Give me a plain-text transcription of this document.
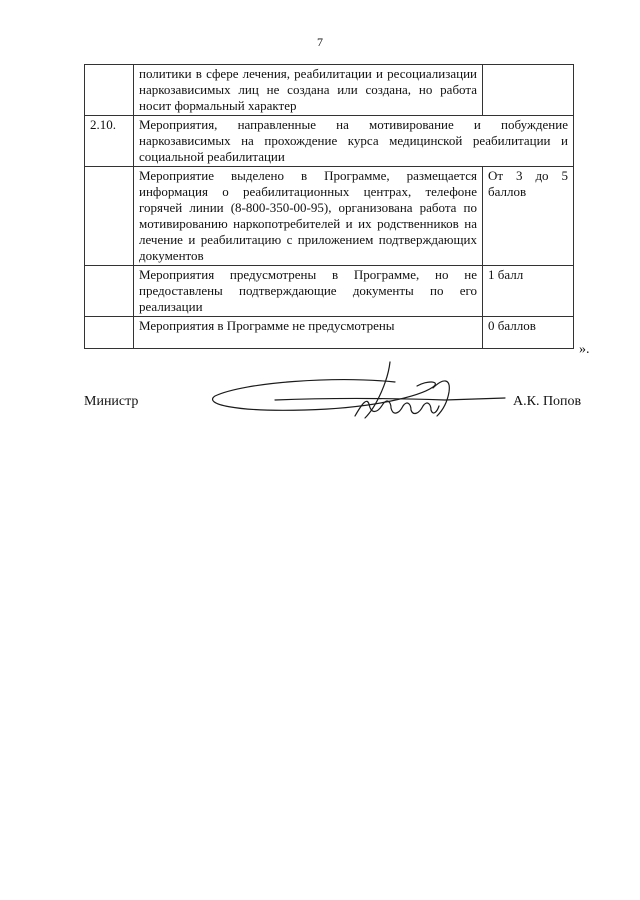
7
	политики в сфере лечения, реабилитации и ресоциализации наркозависимых лиц не создана или создана, но работа носит формальный характер	
2.10.	Мероприятия, направленные на мотивирование и побуждение наркозависимых на прохождение курса медицинской реабилитации и социальной реабилитации	
	Мероприятие выделено в Программе, размещается информация о реабилитационных центрах, телефоне горячей линии (8-800-350-00-95), организована работа по мотивированию наркопотребителей и их родственников на лечение и реабилитацию с приложением подтверждающих документов	От 3 до 5 баллов
	Мероприятия предусмотрены в Программе, но не предоставлены подтверждающие документы по его реализации	1 балл
	Мероприятия в Программе не предусмотрены	0 баллов
».
Министр	А.К. Попов
